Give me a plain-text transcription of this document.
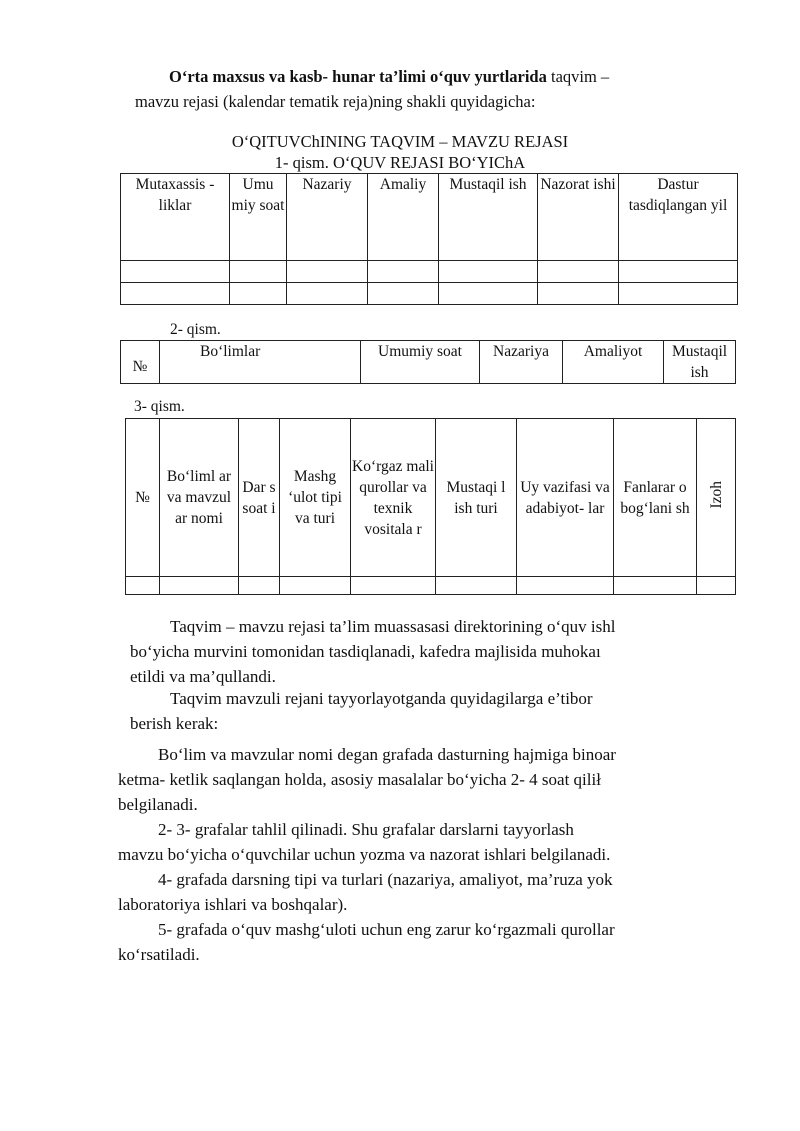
O‘rta maxsus va kasb- hunar ta’limi o‘quv yurtlarida taqvim –
mavzu rejasi (kalendar tematik reja)ning shakli quyidagicha:
O‘QITUVChINING TAQVIM – MAVZU REJASI
1- qism. O‘QUV REJASI BO‘YIChA
Mutaxassis - liklar	Umu miy soat	Nazariy	Amaliy	Mustaqil ish	Nazorat ishi	Dastur tasdiqlangan yil

2- qism.
№	Bo‘limlar	Umumiy soat	Nazariya	Amaliyot	Mustaqil ish
3- qism.
№	Bo‘liml ar va mavzul ar nomi	Dar s soat i	Mashg ‘ulot tipi va turi	Ko‘rgaz mali qurollar va texnik vositala r	Mustaqi l ish turi	Uy vazifasi va adabiyot- lar	Fanlarar o bog‘lani sh	Izoh

Taqvim – mavzu rejasi ta’lim muassasasi direktorining o‘quv ishl
bo‘yicha murvini tomonidan tasdiqlanadi, kafedra majlisida muhokaı
etildi va ma’qullandi.
Taqvim mavzuli rejani tayyorlayotganda quyidagilarga e’tibor
berish kerak:
Bo‘lim va mavzular nomi degan grafada dasturning hajmiga binoar
ketma- ketlik saqlangan holda, asosiy masalalar bo‘yicha 2- 4 soat qilił
belgilanadi.
2- 3- grafalar tahlil qilinadi. Shu grafalar darslarni tayyorlash
mavzu bo‘yicha o‘quvchilar uchun yozma va nazorat ishlari belgilanadi.
4- grafada darsning tipi va turlari (nazariya, amaliyot, ma’ruza yok
laboratoriya ishlari va boshqalar).
5- grafada o‘quv mashg‘uloti uchun eng zarur ko‘rgazmali qurollar
ko‘rsatiladi.
